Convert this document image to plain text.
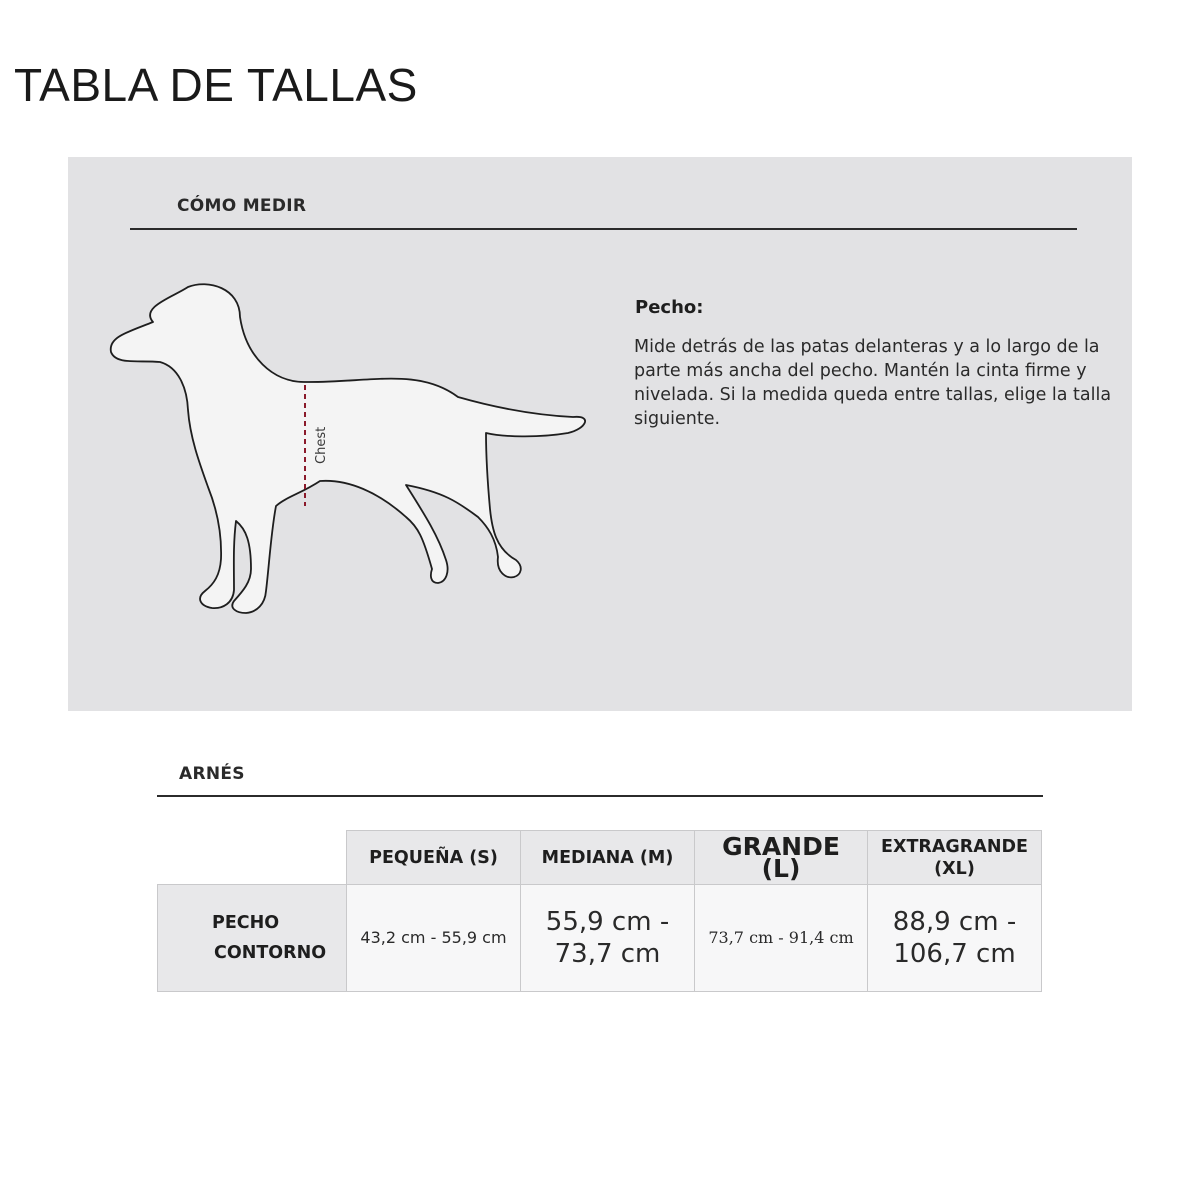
TABLA DE TALLAS
CÓMO MEDIR
Chest
Pecho:

Mide detrás de las patas delanteras y a lo largo de la parte más ancha del pecho. Mantén la cinta firme y nivelada. Si la medida queda entre tallas, elige la talla siguiente.

ARNÉS
	PEQUEÑA (S)	MEDIANA (M)	GRANDE (L)	EXTRAGRANDE (XL)

PECHO
CONTORNO	43,2 cm - 55,9 cm	55,9 cm - 73,7 cm	73,7 cm - 91,4 cm	88,9 cm - 106,7 cm
